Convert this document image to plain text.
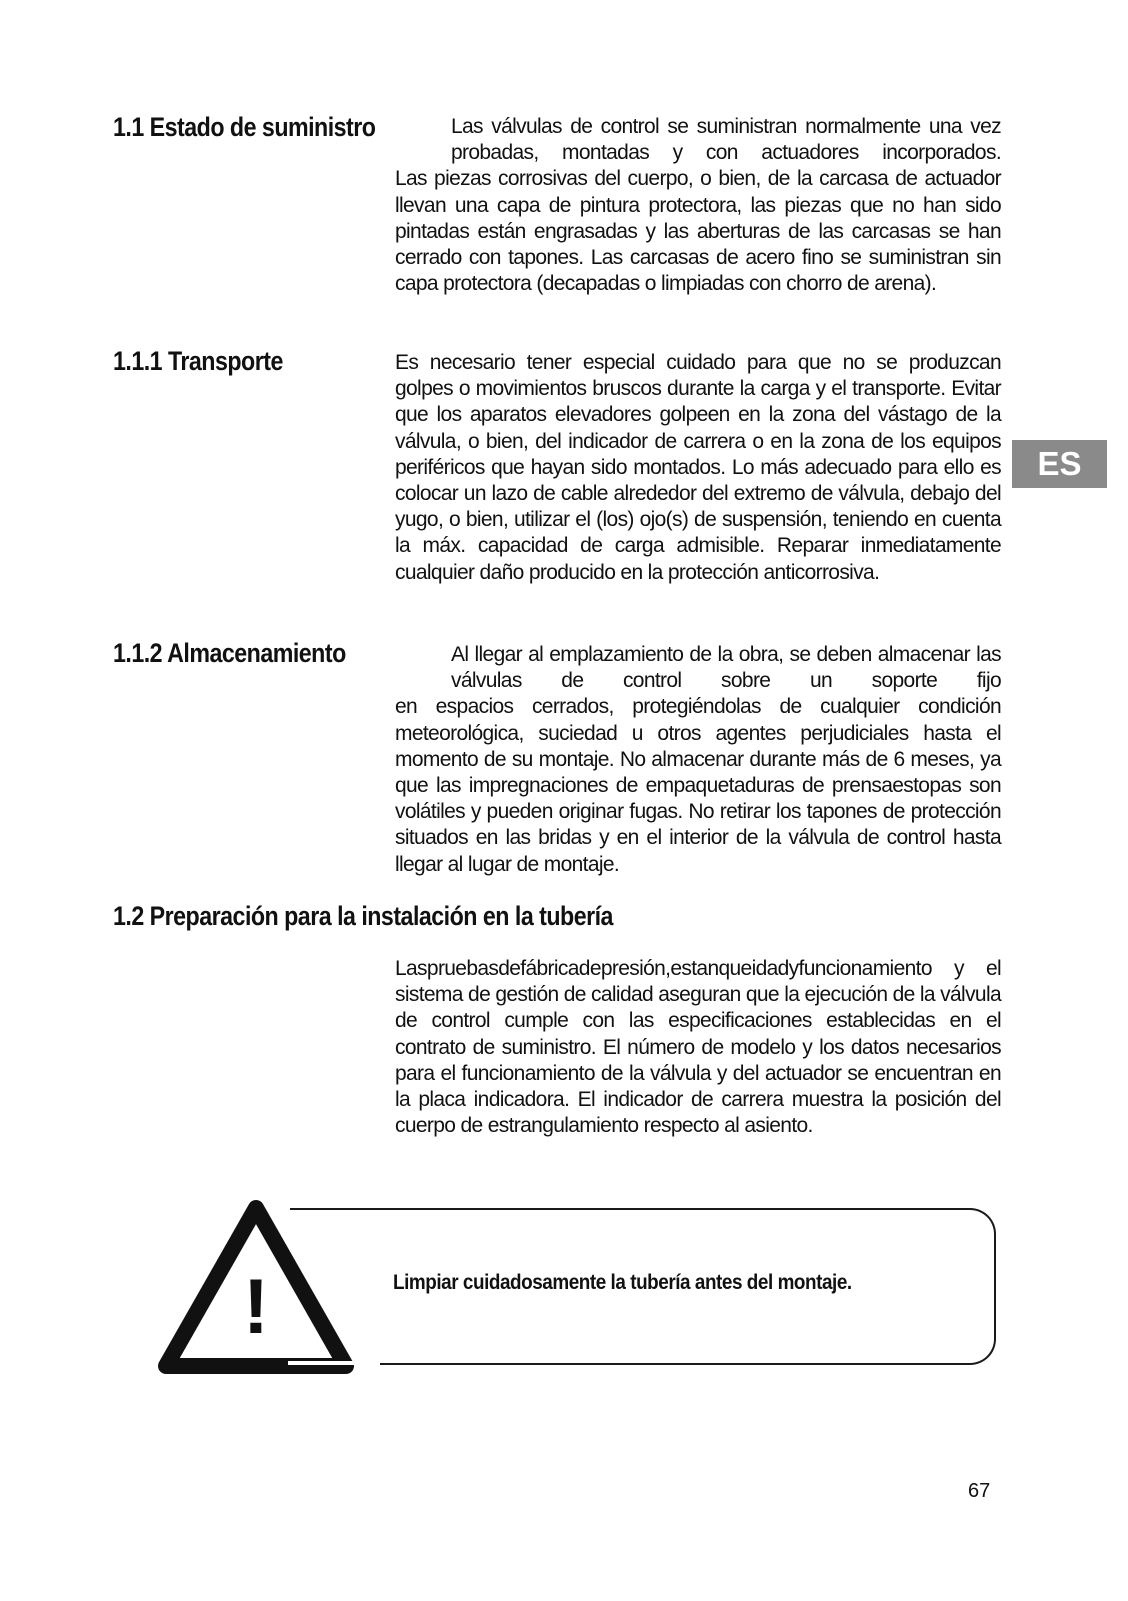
1.1 Estado de suministro	Las válvulas de control se suministran normalmente una vez probadas, montadas y con actuadores incorporados.
Las piezas corrosivas del cuerpo, o bien, de la carcasa de actuador llevan una capa de pintura protectora, las piezas que no han sido pintadas están engrasadas y las aberturas de las carcasas se han cerrado con tapones. Las carcasas de acero fino se suministran sin capa protectora (decapadas o limpiadas con chorro de arena).
1.1.1 Transporte	Es necesario tener especial cuidado para que no se produzcan golpes o movimientos bruscos durante la carga y el transporte. Evitar que los aparatos elevadores golpeen en la zona del vástago de la válvula, o bien, del indicador de carrera o en la zona de los equipos periféricos que hayan sido montados. Lo más adecuado para ello es colocar un lazo de cable alrededor del extremo de válvula, debajo del yugo, o bien, utilizar el (los) ojo(s) de suspensión, teniendo en cuenta la máx. capacidad de carga admisible. Reparar inmediatamente cualquier daño producido en la protección anticorrosiva.

ES
1.1.2 Almacenamiento	Al llegar al emplazamiento de la obra, se deben almacenar las válvulas de control sobre un soporte fijo
en espacios cerrados, protegiéndolas de cualquier condición meteorológica, suciedad u otros agentes perjudiciales hasta el momento de su montaje. No almacenar durante más de 6 meses, ya que las impregnaciones de empaquetaduras de prensaestopas son volátiles y pueden originar fugas. No retirar los tapones de protección situados en las bridas y en el interior de la válvula de control hasta llegar al lugar de montaje.
1.2 Preparación para la instalación en la tubería

Laspruebasdefábricadepresión,estanqueidadyfuncionamiento y el sistema de gestión de calidad aseguran que la ejecución de la válvula de control cumple con las especificaciones establecidas en el contrato de suministro. El número de modelo y los datos necesarios para el funcionamiento de la válvula y del actuador se encuentran en la placa indicadora. El indicador de carrera muestra la posición del cuerpo de estrangulamiento respecto al asiento.

!	Limpiar cuidadosamente la tubería antes del montaje.
67
